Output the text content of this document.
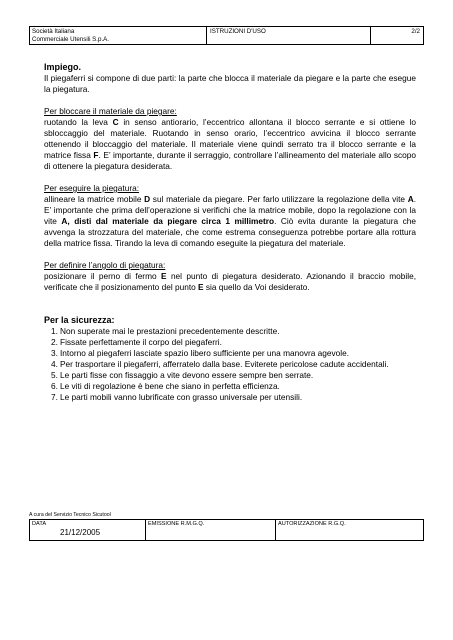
Società Italiana
Commerciale Utensili S.p.A.
ISTRUZIONI D'USO	2/2

Impiego.

Il piegaferri si compone di due parti: la parte che blocca il materiale da piegare e la parte che esegue la piegatura.

Per bloccare il materiale da piegare:

ruotando la leva C in senso antiorario, l’eccentrico allontana il blocco serrante e si ottiene lo sbloccaggio del materiale. Ruotando in senso orario, l’eccentrico avvicina il blocco serrante ottenendo il bloccaggio del materiale. Il materiale viene quindi serrato tra il blocco serrante e la matrice fissa F. E’ importante, durante il serraggio, controllare l’allineamento del materiale allo scopo di ottenere la piegatura desiderata.

Per eseguire la piegatura:

allineare la matrice mobile D sul materiale da piegare. Per farlo utilizzare la regolazione della vite A. E’ importante che prima dell’operazione si verifichi che la matrice mobile, dopo la regolazione con la vite A, disti dal materiale da piegare circa 1 millimetro. Ciò evita durante la piegatura che avvenga la strozzatura del materiale, che come estrema conseguenza potrebbe portare alla rottura della matrice fissa. Tirando la leva di comando eseguite la piegatura del materiale.

Per definire l’angolo di piegatura:

posizionare il perno di fermo E nel punto di piegatura desiderato. Azionando il braccio mobile, verificate che il posizionamento del punto E sia quello da Voi desiderato.

Per la sicurezza:

1. Non superate mai le prestazioni precedentemente descritte.
2. Fissate perfettamente il corpo del piegaferri.
3. Intorno al piegaferri lasciate spazio libero sufficiente per una manovra agevole.
4. Per trasportare il piegaferri, afferratelo dalla base. Eviterete pericolose cadute accidentali.
5. Le parti fisse con fissaggio a vite devono essere sempre ben serrate.
6. Le viti di regolazione è bene che siano in perfetta efficienza.
7. Le parti mobili vanno lubrificate con grasso universale per utensili.
A cura del Servizio Tecnico Sicutool
DATA
21/12/2005
EMISSIONE R.M.G.Q.	AUTORIZZAZIONE R.G.Q.
